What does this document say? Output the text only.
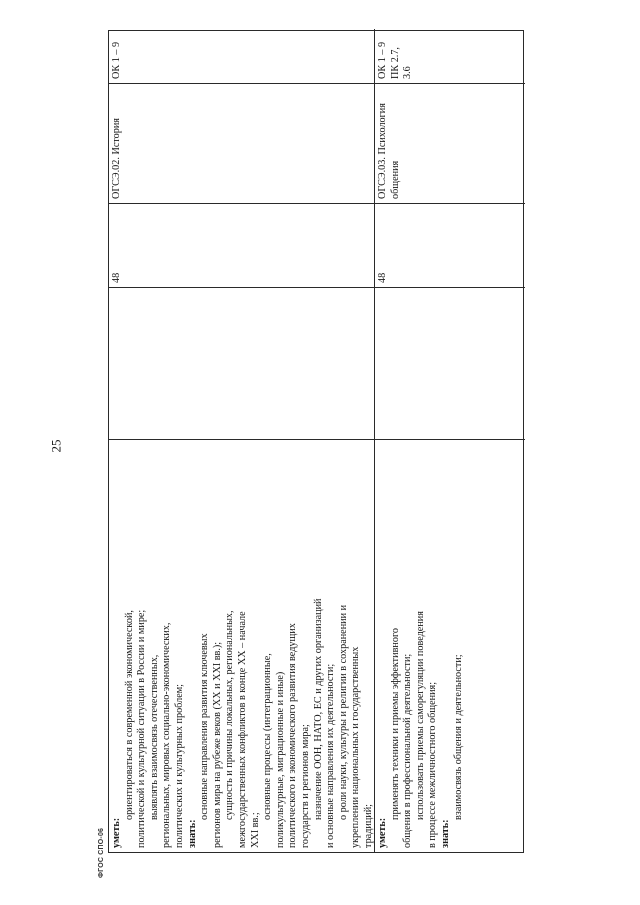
25

уметь:

ориентироваться в современной экономической, политической и культурной ситуации в России и мире; выявлять взаимосвязь отечественных, региональных, мировых социально-экономических, политических и культурных проблем; знать:

основные направления развития ключевых регионов мира на рубеже веков (XX и XXI вв.); сущность и причины локальных, региональных, межгосударственных конфликтов в конце XX – начале XXI вв.;

основные процессы (интеграционные, поликультурные, миграционные и иные) политического и экономического развития ведущих государств и регионов мира; назначение ООН, НАТО, ЕС и других организаций и основные направления их деятельности; о роли науки, культуры и религии в сохранении и укреплении национальных и государственных традиций;

48
ОГСЭ.02. История
ОК 1 – 9

уметь:

применять техники и приемы эффективного общения в профессиональной деятельности; использовать приемы саморегуляции поведения в процессе межличностного общения; знать:

взаимосвязь общения и деятельности;

48
ОГСЭ.03. Психология общения
ОК 1 – 9
ПК 2.7, 3.6
ФГОС СПО-06
